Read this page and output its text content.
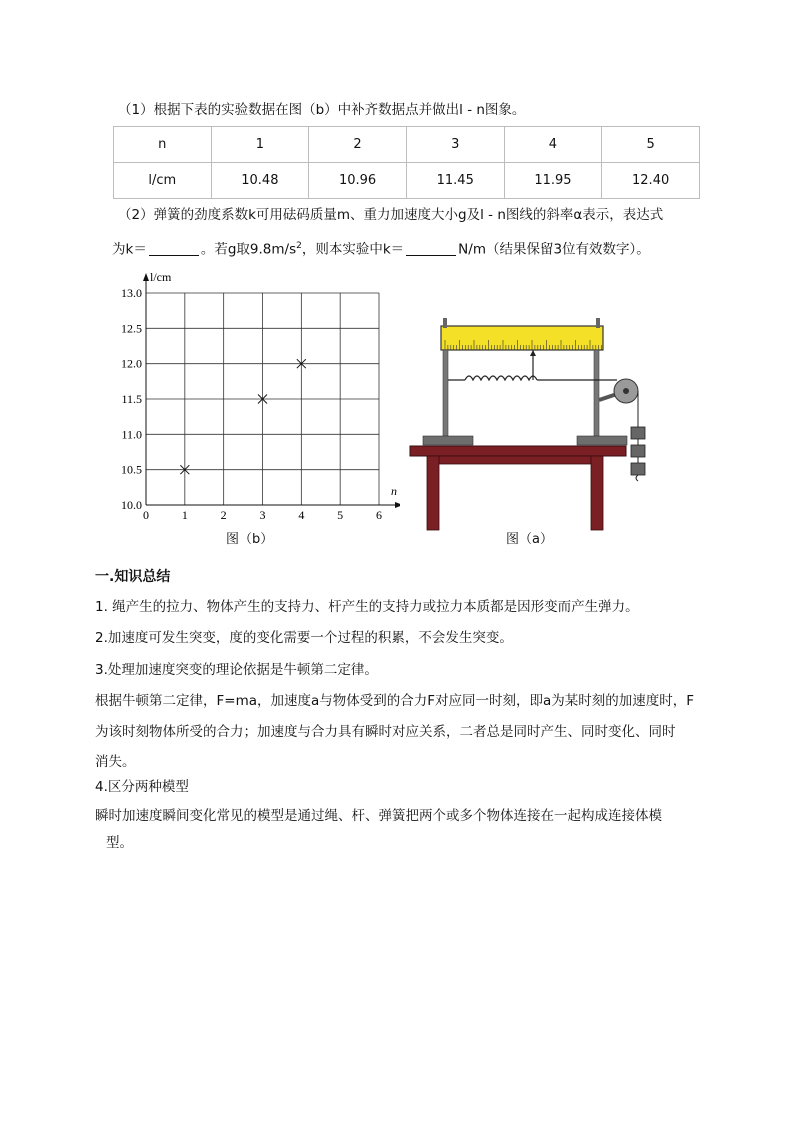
（1）根据下表的实验数据在图（b）中补齐数据点并做出l - n图象。
n	1	2	3	4	5
l/cm	10.48	10.96	11.45	11.95	12.40
（2）弹簧的劲度系数k可用砝码质量m、重力加速度大小g及l - n图线的斜率α表示，表达式
为k＝	。若g取$9.8m/s^2$，则本实验中k＝	N/m（结果保留3位有效数字）。
0	1	2	3	4	5	6
10.0
10.5
11.0
11.5
12.0
12.5
13.0
n
l/cm
图（b）	图（a）
一.知识总结
1. 绳产生的拉力、物体产生的支持力、杆产生的支持力或拉力本质都是因形变而产生弹力。
2.加速度可发生突变，度的变化需要一个过程的积累，不会发生突变。
3.处理加速度突变的理论依据是牛顿第二定律。
根据牛顿第二定律，F=ma，加速度a与物体受到的合力F对应同一时刻，即a为某时刻的加速度时，F
为该时刻物体所受的合力；加速度与合力具有瞬时对应关系，二者总是同时产生、同时变化、同时
消失。
4.区分两种模型
瞬时加速度瞬间变化常见的模型是通过绳、杆、弹簧把两个或多个物体连接在一起构成连接体模
型。
